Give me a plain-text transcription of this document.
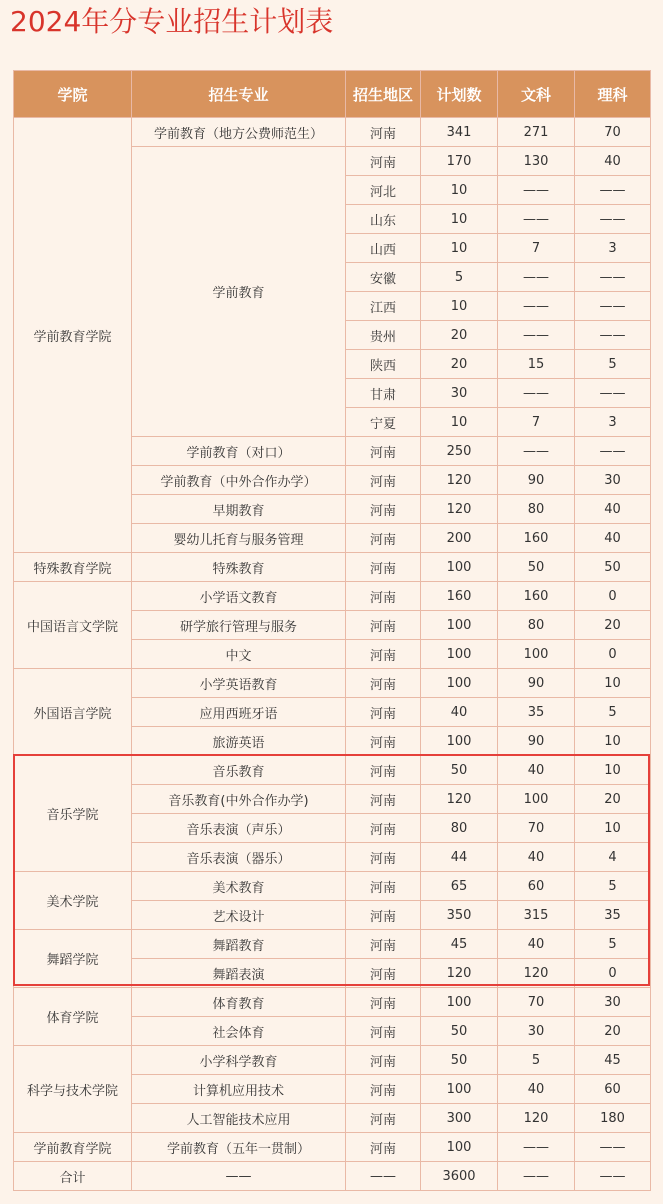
2024年分专业招生计划表
学院	招生专业	招生地区	计划数	文科	理科
学前教育学院	学前教育（地方公费师范生）	河南	341	271	70
	学前教育	河南	170	130	40
		河北	10	——	——
		山东	10	——	——
		山西	10	7	3
		安徽	5	——	——
		江西	10	——	——
		贵州	20	——	——
		陕西	20	15	5
		甘肃	30	——	——
		宁夏	10	7	3
	学前教育（对口）	河南	250	——	——
	学前教育（中外合作办学）	河南	120	90	30
	早期教育	河南	120	80	40
	婴幼儿托育与服务管理	河南	200	160	40
特殊教育学院	特殊教育	河南	100	50	50
中国语言文学院	小学语文教育	河南	160	160	0
	研学旅行管理与服务	河南	100	80	20
	中文	河南	100	100	0
外国语言学院	小学英语教育	河南	100	90	10
	应用西班牙语	河南	40	35	5
	旅游英语	河南	100	90	10
音乐学院	音乐教育	河南	50	40	10
	音乐教育(中外合作办学)	河南	120	100	20
	音乐表演（声乐）	河南	80	70	10
	音乐表演（器乐）	河南	44	40	4
美术学院	美术教育	河南	65	60	5
	艺术设计	河南	350	315	35
舞蹈学院	舞蹈教育	河南	45	40	5
	舞蹈表演	河南	120	120	0
体育学院	体育教育	河南	100	70	30
	社会体育	河南	50	30	20
科学与技术学院	小学科学教育	河南	50	5	45
	计算机应用技术	河南	100	40	60
	人工智能技术应用	河南	300	120	180
学前教育学院	学前教育（五年一贯制）	河南	100	——	——
合计	——	——	3600	——	——
